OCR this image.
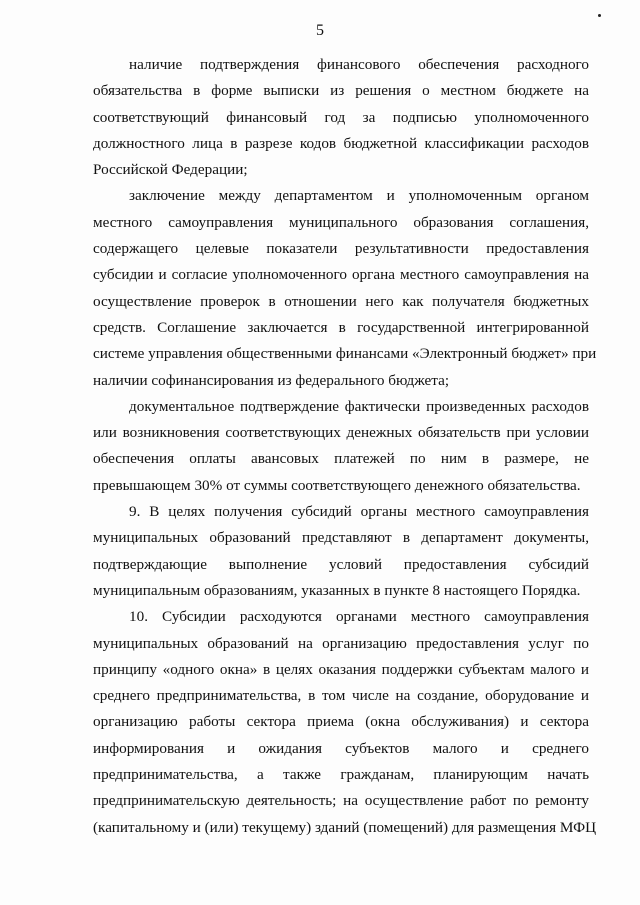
5

наличие подтверждения финансового обеспечения расходного
обязательства в форме выписки из решения о местном бюджете на
соответствующий финансовый год за подписью уполномоченного
должностного лица в разрезе кодов бюджетной классификации расходов
Российской Федерации;

заключение между департаментом и уполномоченным органом
местного самоуправления муниципального образования соглашения,
содержащего целевые показатели результативности предоставления
субсидии и согласие уполномоченного органа местного самоуправления на
осуществление проверок в отношении него как получателя бюджетных
средств. Соглашение заключается в государственной интегрированной
системе управления общественными финансами «Электронный бюджет» при
наличии софинансирования из федерального бюджета;

документальное подтверждение фактически произведенных расходов
или возникновения соответствующих денежных обязательств при условии
обеспечения оплаты авансовых платежей по ним в размере, не
превышающем 30% от суммы соответствующего денежного обязательства.

9. В целях получения субсидий органы местного самоуправления
муниципальных образований представляют в департамент документы,
подтверждающие выполнение условий предоставления субсидий
муниципальным образованиям, указанных в пункте 8 настоящего Порядка.

10. Субсидии расходуются органами местного самоуправления
муниципальных образований на организацию предоставления услуг по
принципу «одного окна» в целях оказания поддержки субъектам малого и
среднего предпринимательства, в том числе на создание, оборудование и
организацию работы сектора приема (окна обслуживания) и сектора
информирования и ожидания субъектов малого и среднего
предпринимательства, а также гражданам, планирующим начать
предпринимательскую деятельность; на осуществление работ по ремонту
(капитальному и (или) текущему) зданий (помещений) для размещения МФЦ
